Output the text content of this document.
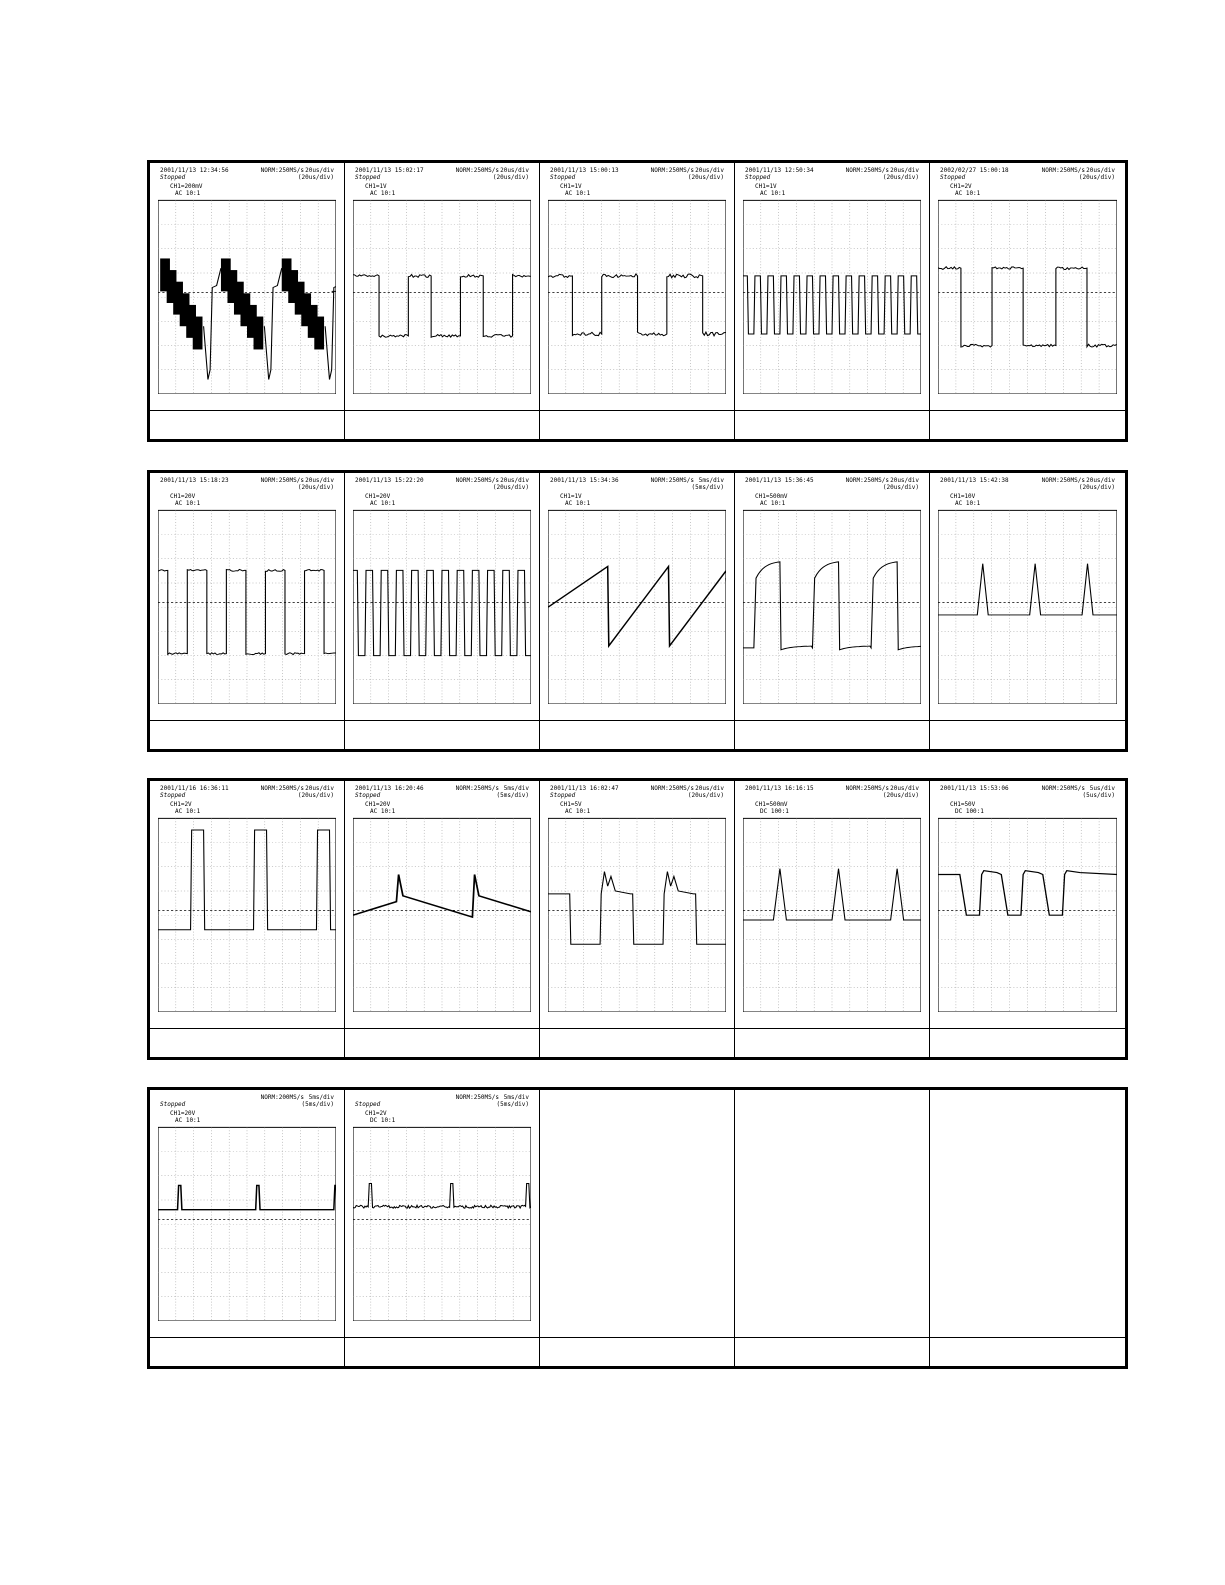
2001/11/13 12:34:56
Stopped
NORM:250MS/s 20us/div
(20us/div)
CH1=200mV
AC 10:1
2001/11/13 15:02:17
Stopped
NORM:250MS/s 20us/div
(20us/div)
CH1=1V
AC 10:1
2001/11/13 15:00:13
Stopped
NORM:250MS/s 20us/div
(20us/div)
CH1=1V
AC 10:1
2001/11/13 12:50:34
Stopped
NORM:250MS/s 20us/div
(20us/div)
CH1=1V
AC 10:1
2002/02/27 15:00:18
Stopped
NORM:250MS/s 20us/div
(20us/div)
CH1=2V
AC 10:1
2001/11/13 15:18:23	NORM:250MS/s 20us/div
(20us/div)
CH1=20V
AC 10:1
2001/11/13 15:22:20	NORM:250MS/s 20us/div
(20us/div)
CH1=20V
AC 10:1
2001/11/13 15:34:36	NORM:250MS/s 5ms/div
(5ms/div)
CH1=1V
AC 10:1
2001/11/13 15:36:45	NORM:250MS/s 20us/div
(20us/div)
CH1=500mV
AC 10:1
2001/11/13 15:42:38	NORM:250MS/s 20us/div
(20us/div)
CH1=10V
AC 10:1
2001/11/16 16:36:11
Stopped
NORM:250MS/s 20us/div
(20us/div)
CH1=2V
AC 10:1
2001/11/13 16:20:46
Stopped
NORM:250MS/s 5ms/div
(5ms/div)
CH1=20V
AC 10:1
2001/11/13 16:02:47
Stopped
NORM:250MS/s 20us/div
(20us/div)
CH1=5V
AC 10:1
2001/11/13 16:16:15	NORM:250MS/s 20us/div
(20us/div)
CH1=500mV
DC 100:1
2001/11/13 15:53:06	NORM:250MS/s 5us/div
(5us/div)
CH1=50V
DC 100:1
Stopped
NORM:200MS/s 5ms/div
(5ms/div)
CH1=20V
AC 10:1
Stopped
NORM:250MS/s 5ms/div
(5ms/div)
CH1=2V
DC 10:1
